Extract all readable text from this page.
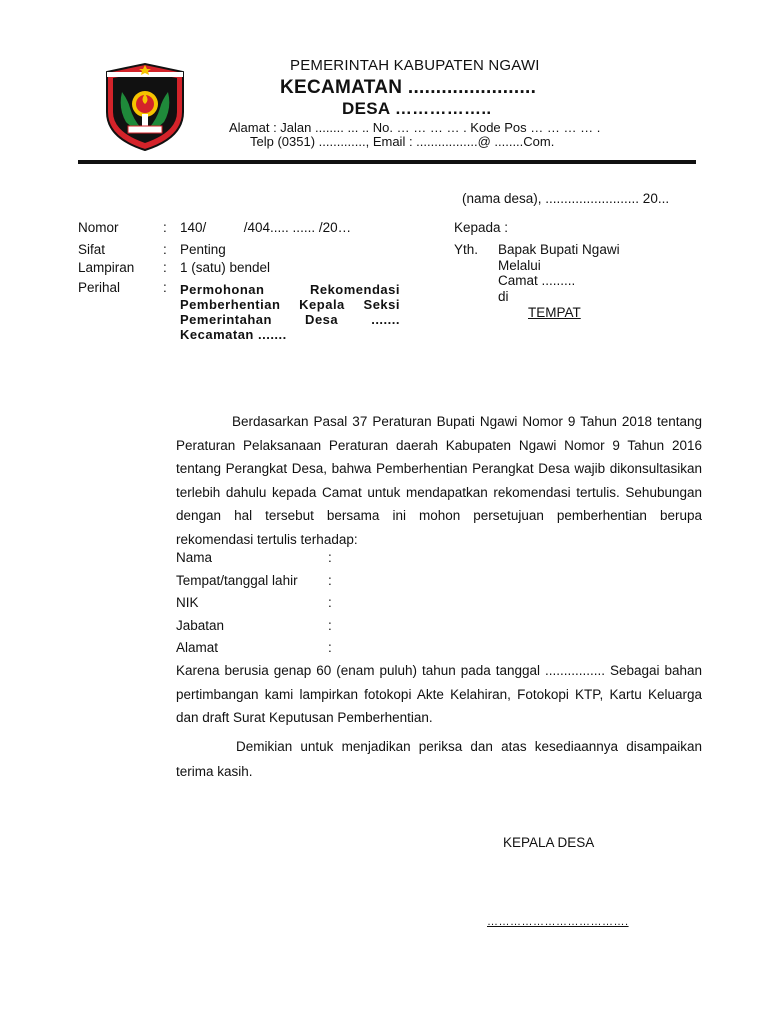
PEMERINTAH KABUPATEN NGAWI
KECAMATAN .......................
DESA ……………..
Alamat : Jalan ........ ... .. No. … … … … . Kode Pos … … … … .
Telp (0351) ............., Email : .................@ ........Com.
(nama desa), ......................... 20...
Nomor	: 140/          /404..... ...... /20…
Sifat	: Penting
Lampiran : 1 (satu) bendel
Perihal	: Permohonan Rekomendasi Pemberhentian Kepala Seksi Pemerintahan Desa ....... Kecamatan .......
Kepada :
Yth. Bapak Bupati Ngawi
Melalui
Camat .........
di
TEMPAT

Berdasarkan Pasal 37 Peraturan Bupati Ngawi Nomor 9 Tahun 2018 tentang Peraturan Pelaksanaan Peraturan daerah Kabupaten Ngawi Nomor 9 Tahun 2016 tentang Perangkat Desa, bahwa Pemberhentian Perangkat Desa wajib dikonsultasikan terlebih dahulu kepada Camat untuk mendapatkan rekomendasi tertulis. Sehubungan dengan hal tersebut bersama ini mohon persetujuan pemberhentian berupa rekomendasi tertulis terhadap:

Nama	:
Tempat/tanggal lahir :
NIK	:
Jabatan	:
Alamat	:

Karena berusia genap 60 (enam puluh) tahun pada tanggal ................ Sebagai bahan pertimbangan kami lampirkan fotokopi Akte Kelahiran, Fotokopi KTP, Kartu Keluarga dan draft Surat Keputusan Pemberhentian.

Demikian untuk menjadikan periksa dan atas kesediaannya disampaikan terima kasih.

KEPALA DESA
……………………………….
